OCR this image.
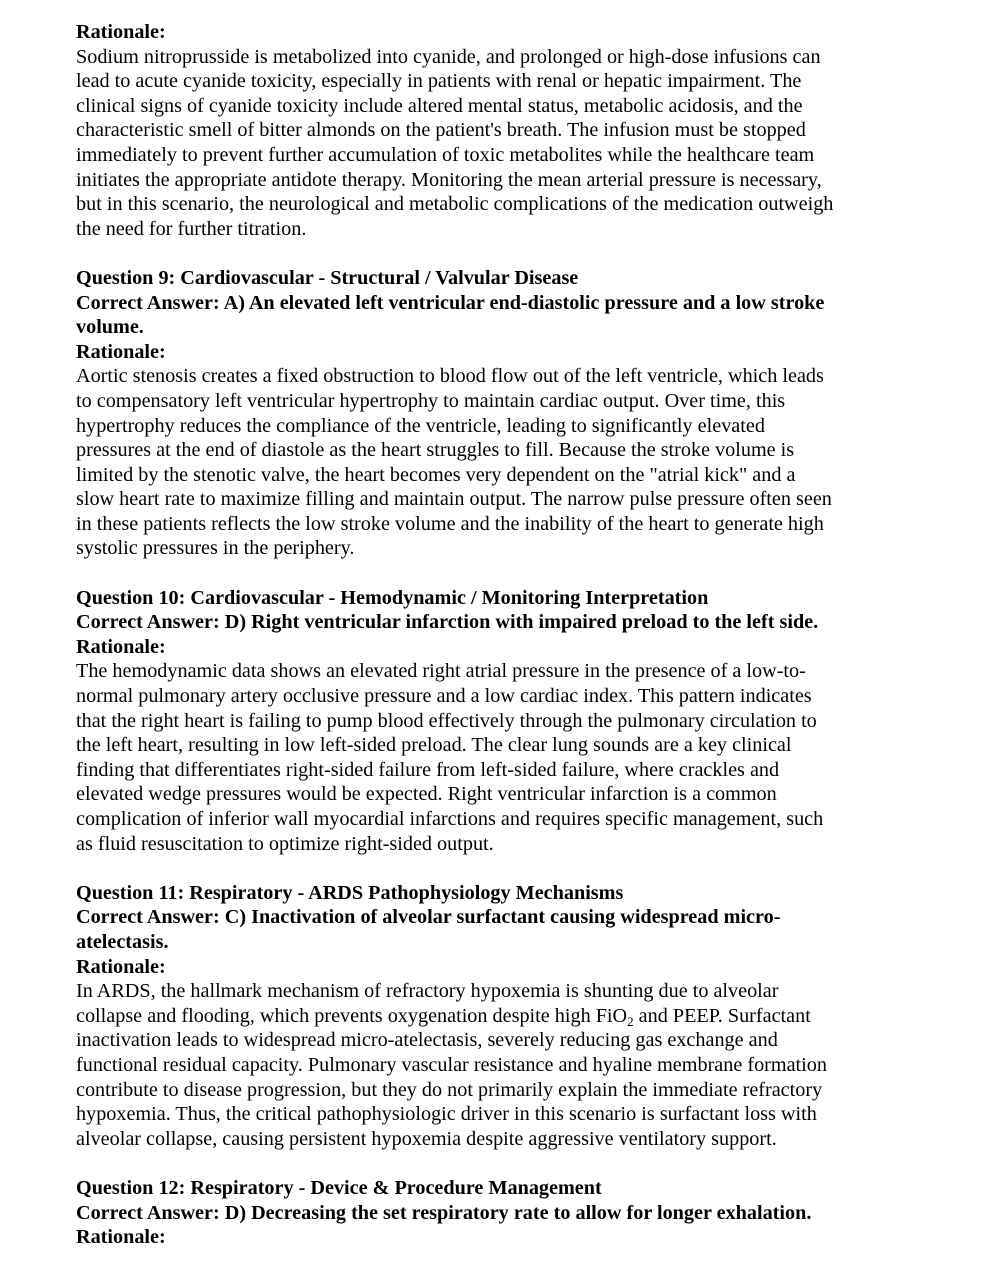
Rationale:
Sodium nitroprusside is metabolized into cyanide, and prolonged or high-dose infusions can
lead to acute cyanide toxicity, especially in patients with renal or hepatic impairment. The
clinical signs of cyanide toxicity include altered mental status, metabolic acidosis, and the
characteristic smell of bitter almonds on the patient's breath. The infusion must be stopped
immediately to prevent further accumulation of toxic metabolites while the healthcare team
initiates the appropriate antidote therapy. Monitoring the mean arterial pressure is necessary,
but in this scenario, the neurological and metabolic complications of the medication outweigh
the need for further titration.
Question 9: Cardiovascular - Structural / Valvular Disease
Correct Answer: A) An elevated left ventricular end-diastolic pressure and a low stroke
volume.
Rationale:
Aortic stenosis creates a fixed obstruction to blood flow out of the left ventricle, which leads
to compensatory left ventricular hypertrophy to maintain cardiac output. Over time, this
hypertrophy reduces the compliance of the ventricle, leading to significantly elevated
pressures at the end of diastole as the heart struggles to fill. Because the stroke volume is
limited by the stenotic valve, the heart becomes very dependent on the "atrial kick" and a
slow heart rate to maximize filling and maintain output. The narrow pulse pressure often seen
in these patients reflects the low stroke volume and the inability of the heart to generate high
systolic pressures in the periphery.
Question 10: Cardiovascular - Hemodynamic / Monitoring Interpretation
Correct Answer: D) Right ventricular infarction with impaired preload to the left side.
Rationale:
The hemodynamic data shows an elevated right atrial pressure in the presence of a low-to-
normal pulmonary artery occlusive pressure and a low cardiac index. This pattern indicates
that the right heart is failing to pump blood effectively through the pulmonary circulation to
the left heart, resulting in low left-sided preload. The clear lung sounds are a key clinical
finding that differentiates right-sided failure from left-sided failure, where crackles and
elevated wedge pressures would be expected. Right ventricular infarction is a common
complication of inferior wall myocardial infarctions and requires specific management, such
as fluid resuscitation to optimize right-sided output.
Question 11: Respiratory - ARDS Pathophysiology Mechanisms
Correct Answer: C) Inactivation of alveolar surfactant causing widespread micro-
atelectasis.
Rationale:
In ARDS, the hallmark mechanism of refractory hypoxemia is shunting due to alveolar
collapse and flooding, which prevents oxygenation despite high FiO$_2$ and PEEP. Surfactant
inactivation leads to widespread micro-atelectasis, severely reducing gas exchange and
functional residual capacity. Pulmonary vascular resistance and hyaline membrane formation
contribute to disease progression, but they do not primarily explain the immediate refractory
hypoxemia. Thus, the critical pathophysiologic driver in this scenario is surfactant loss with
alveolar collapse, causing persistent hypoxemia despite aggressive ventilatory support.
Question 12: Respiratory - Device & Procedure Management
Correct Answer: D) Decreasing the set respiratory rate to allow for longer exhalation.
Rationale:
